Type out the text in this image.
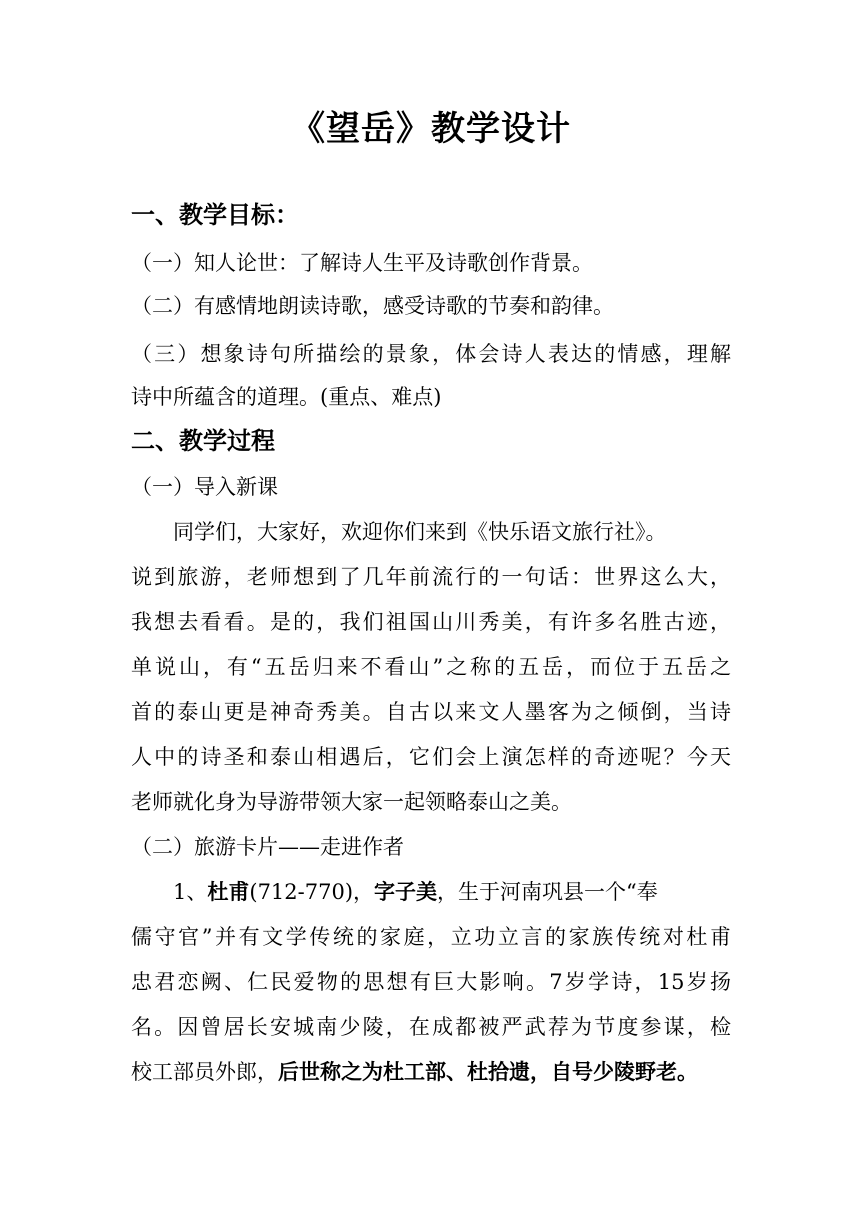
《望岳》教学设计
一、教学目标：
（一）知人论世：了解诗人生平及诗歌创作背景。
（二）有感情地朗读诗歌，感受诗歌的节奏和韵律。
（三）想象诗句所描绘的景象，体会诗人表达的情感，理解
诗中所蕴含的道理。(重点、难点)
二、教学过程
（一）导入新课
同学们，大家好，欢迎你们来到《快乐语文旅行社》。
说到旅游，老师想到了几年前流行的一句话：世界这么大，
我想去看看。是的，我们祖国山川秀美，有许多名胜古迹，
单说山，有“五岳归来不看山”之称的五岳，而位于五岳之
首的泰山更是神奇秀美。自古以来文人墨客为之倾倒，当诗
人中的诗圣和泰山相遇后，它们会上演怎样的奇迹呢？今天
老师就化身为导游带领大家一起领略泰山之美。
（二）旅游卡片——走进作者
1、杜甫(712-770)，字子美，生于河南巩县一个“奉
儒守官”并有文学传统的家庭，立功立言的家族传统对杜甫
忠君恋阙、仁民爱物的思想有巨大影响。7岁学诗，15岁扬
名。因曾居长安城南少陵，在成都被严武荐为节度参谋，检
校工部员外郎，后世称之为杜工部、杜拾遗，自号少陵野老。
